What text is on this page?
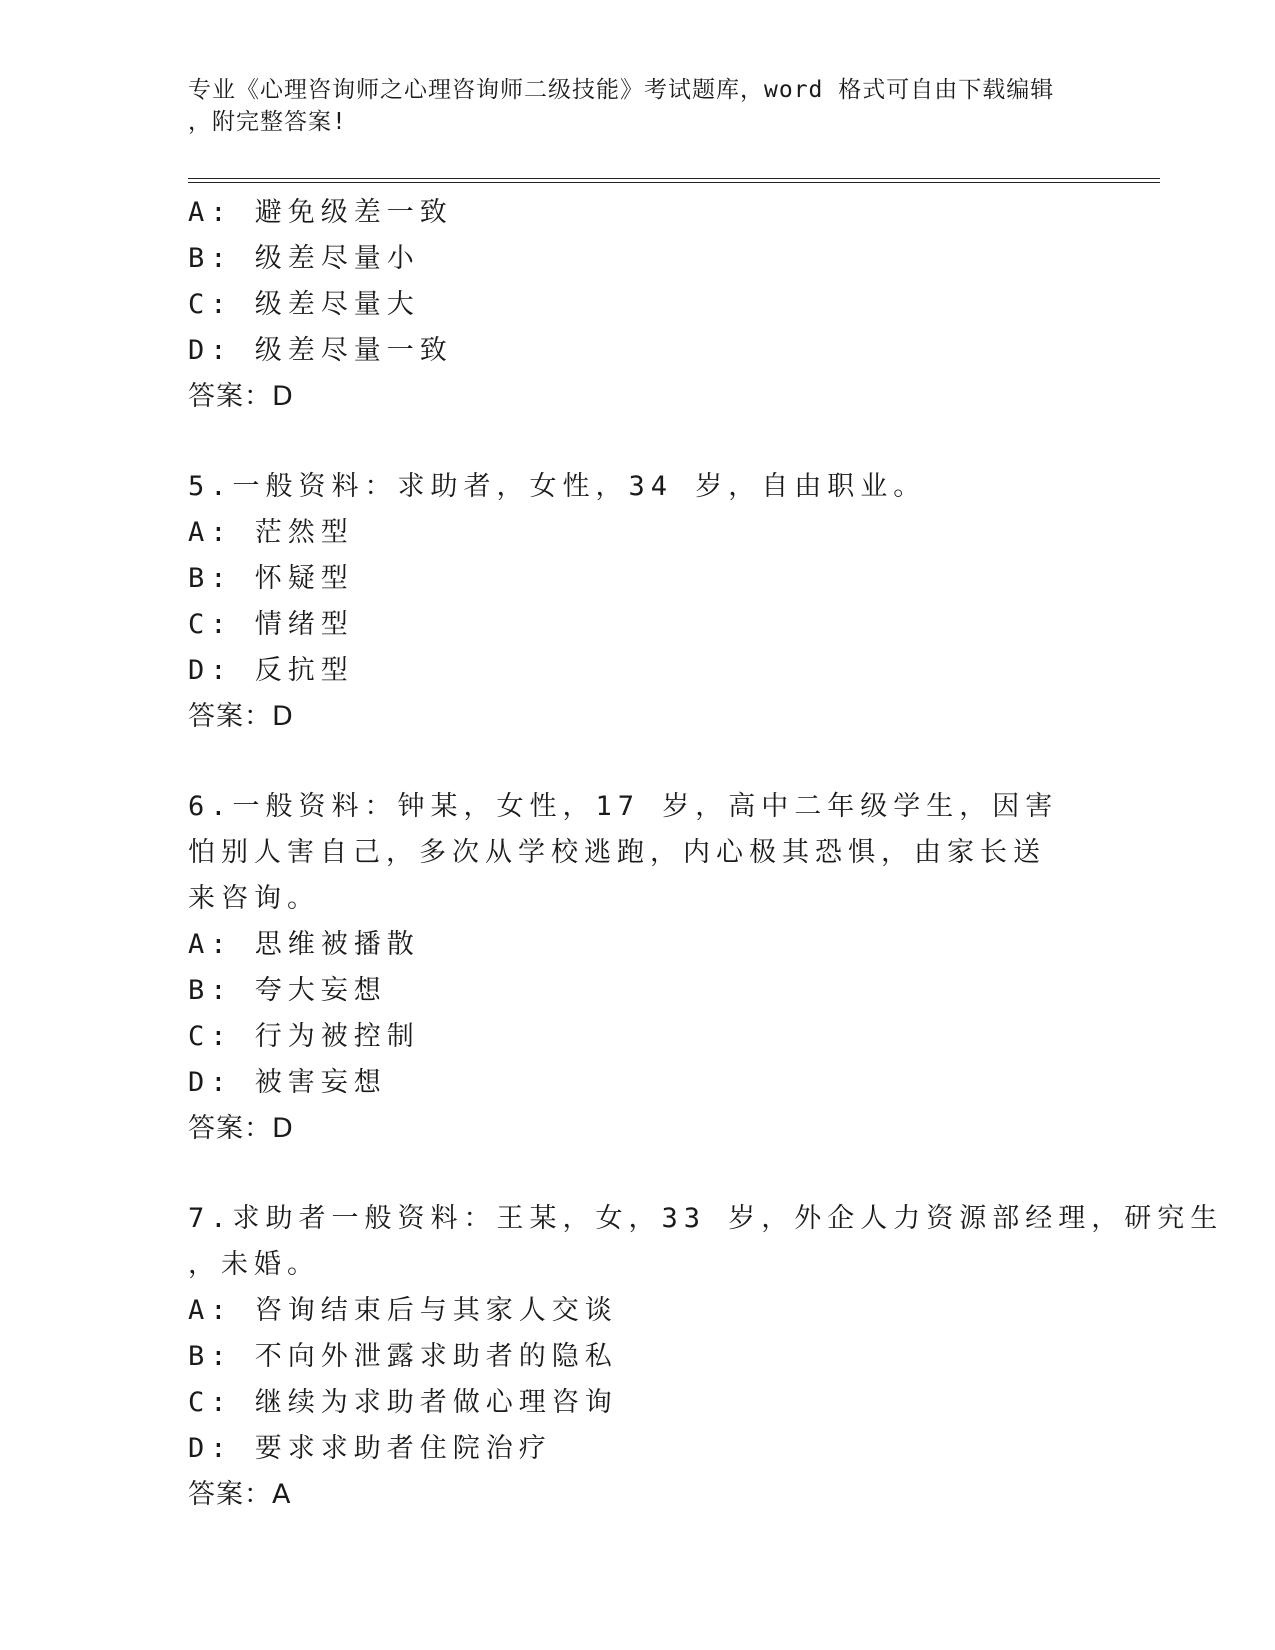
专业《心理咨询师之心理咨询师二级技能》考试题库，word 格式可自由下载编辑
，附完整答案!
A: 避免级差一致
B: 级差尽量小
C: 级差尽量大
D: 级差尽量一致
答案：D
5.一般资料：求助者，女性，34 岁，自由职业。
A: 茫然型
B: 怀疑型
C: 情绪型
D: 反抗型
答案：D
6.一般资料：钟某，女性，17 岁，高中二年级学生，因害怕别人害自己，多次从学校逃跑，内心极其恐惧，由家长送来咨询。
A: 思维被播散
B: 夸大妄想
C: 行为被控制
D: 被害妄想
答案：D
7.求助者一般资料：王某，女，33 岁，外企人力资源部经理，研究生
，未婚。
A: 咨询结束后与其家人交谈
B: 不向外泄露求助者的隐私
C: 继续为求助者做心理咨询
D: 要求求助者住院治疗
答案：A
